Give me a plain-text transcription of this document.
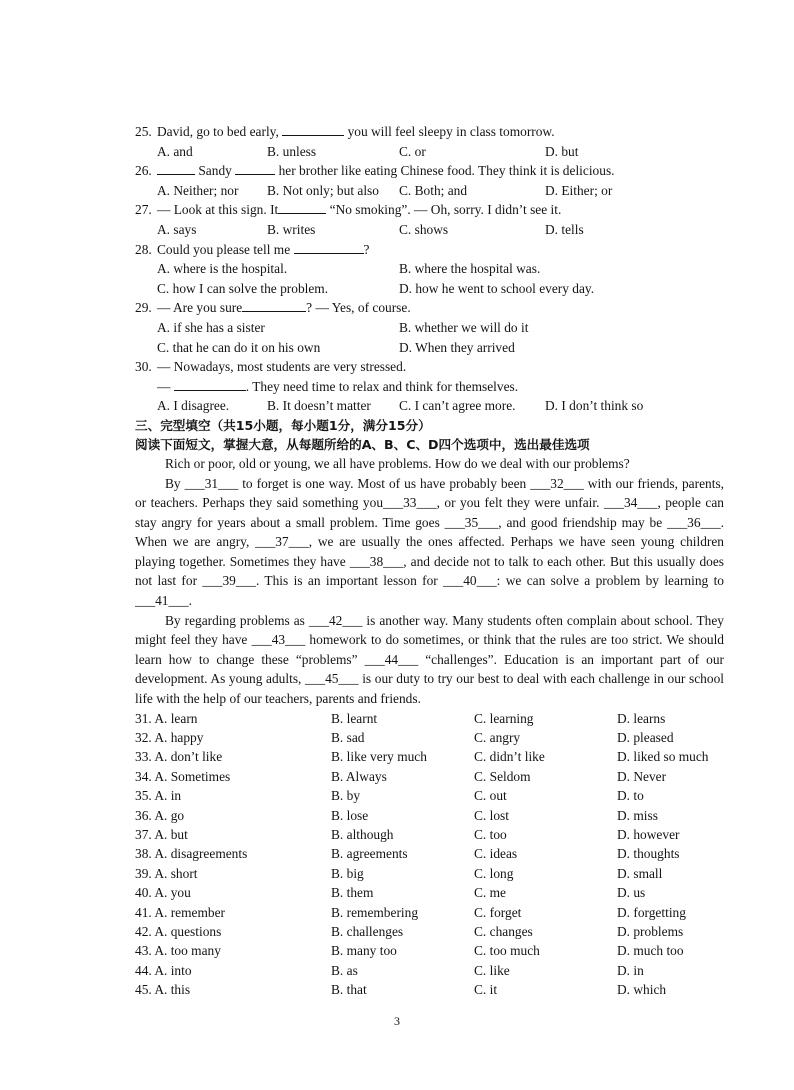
25. David, go to bed early,	you will feel sleepy in class tomorrow.
A. and	B. unless	C. or	D. but
26.	Sandy	her brother like eating Chinese food. They think it is delicious.
A. Neither; nor	B. Not only; but also	C. Both; and	D. Either; or
27. — Look at this sign. It	“No smoking”. — Oh, sorry. I didn’t see it.
A. says	B. writes	C. shows	D. tells
28. Could you please tell me	?
A. where is the hospital.	B. where the hospital was.
C. how I can solve the problem.	D. how he went to school every day.
29. — Are you sure	? — Yes, of course.
A. if she has a sister	B. whether we will do it
C. that he can do it on his own	D. When they arrived
30. — Nowadays, most students are very stressed.
—	. They need time to relax and think for themselves.
A. I disagree.	B. It doesn’t matter	C. I can’t agree more.	D. I don’t think so
三、完型填空（共15小题，每小题1分，满分15分）
阅读下面短文，掌握大意，从每题所给的A、B、C、D四个选项中，选出最佳选项
Rich or poor, old or young, we all have problems. How do we deal with our problems?
By ___31___ to forget is one way. Most of us have probably been ___32___ with our friends, parents, or teachers. Perhaps they said something you___33___, or you felt they were unfair. ___34___, people can stay angry for years about a small problem. Time goes ___35___, and good friendship may be ___36___. When we are angry, ___37___, we are usually the ones affected. Perhaps we have seen young children playing together. Sometimes they have ___38___, and decide not to talk to each other. But this usually does not last for ___39___. This is an important lesson for ___40___: we can solve a problem by learning to ___41___.
By regarding problems as ___42___ is another way. Many students often complain about school. They might feel they have ___43___ homework to do sometimes, or think that the rules are too strict. We should learn how to change these “problems” ___44___ “challenges”. Education is an important part of our development. As young adults, ___45___ is our duty to try our best to deal with each challenge in our school life with the help of our teachers, parents and friends.
31. A. learn	B. learnt	C. learning	D. learns
32. A. happy	B. sad	C. angry	D. pleased
33. A. don’t like	B. like very much	C. didn’t like	D. liked so much
34. A. Sometimes	B. Always	C. Seldom	D. Never
35. A. in	B. by	C. out	D. to
36. A. go	B. lose	C. lost	D. miss
37. A. but	B. although	C. too	D. however
38. A. disagreements	B. agreements	C. ideas	D. thoughts
39. A. short	B. big	C. long	D. small
40. A. you	B. them	C. me	D. us
41. A. remember	B. remembering	C. forget	D. forgetting
42. A. questions	B. challenges	C. changes	D. problems
43. A. too many	B. many too	C. too much	D. much too
44. A. into	B. as	C. like	D. in
45. A. this	B. that	C. it	D. which
3
